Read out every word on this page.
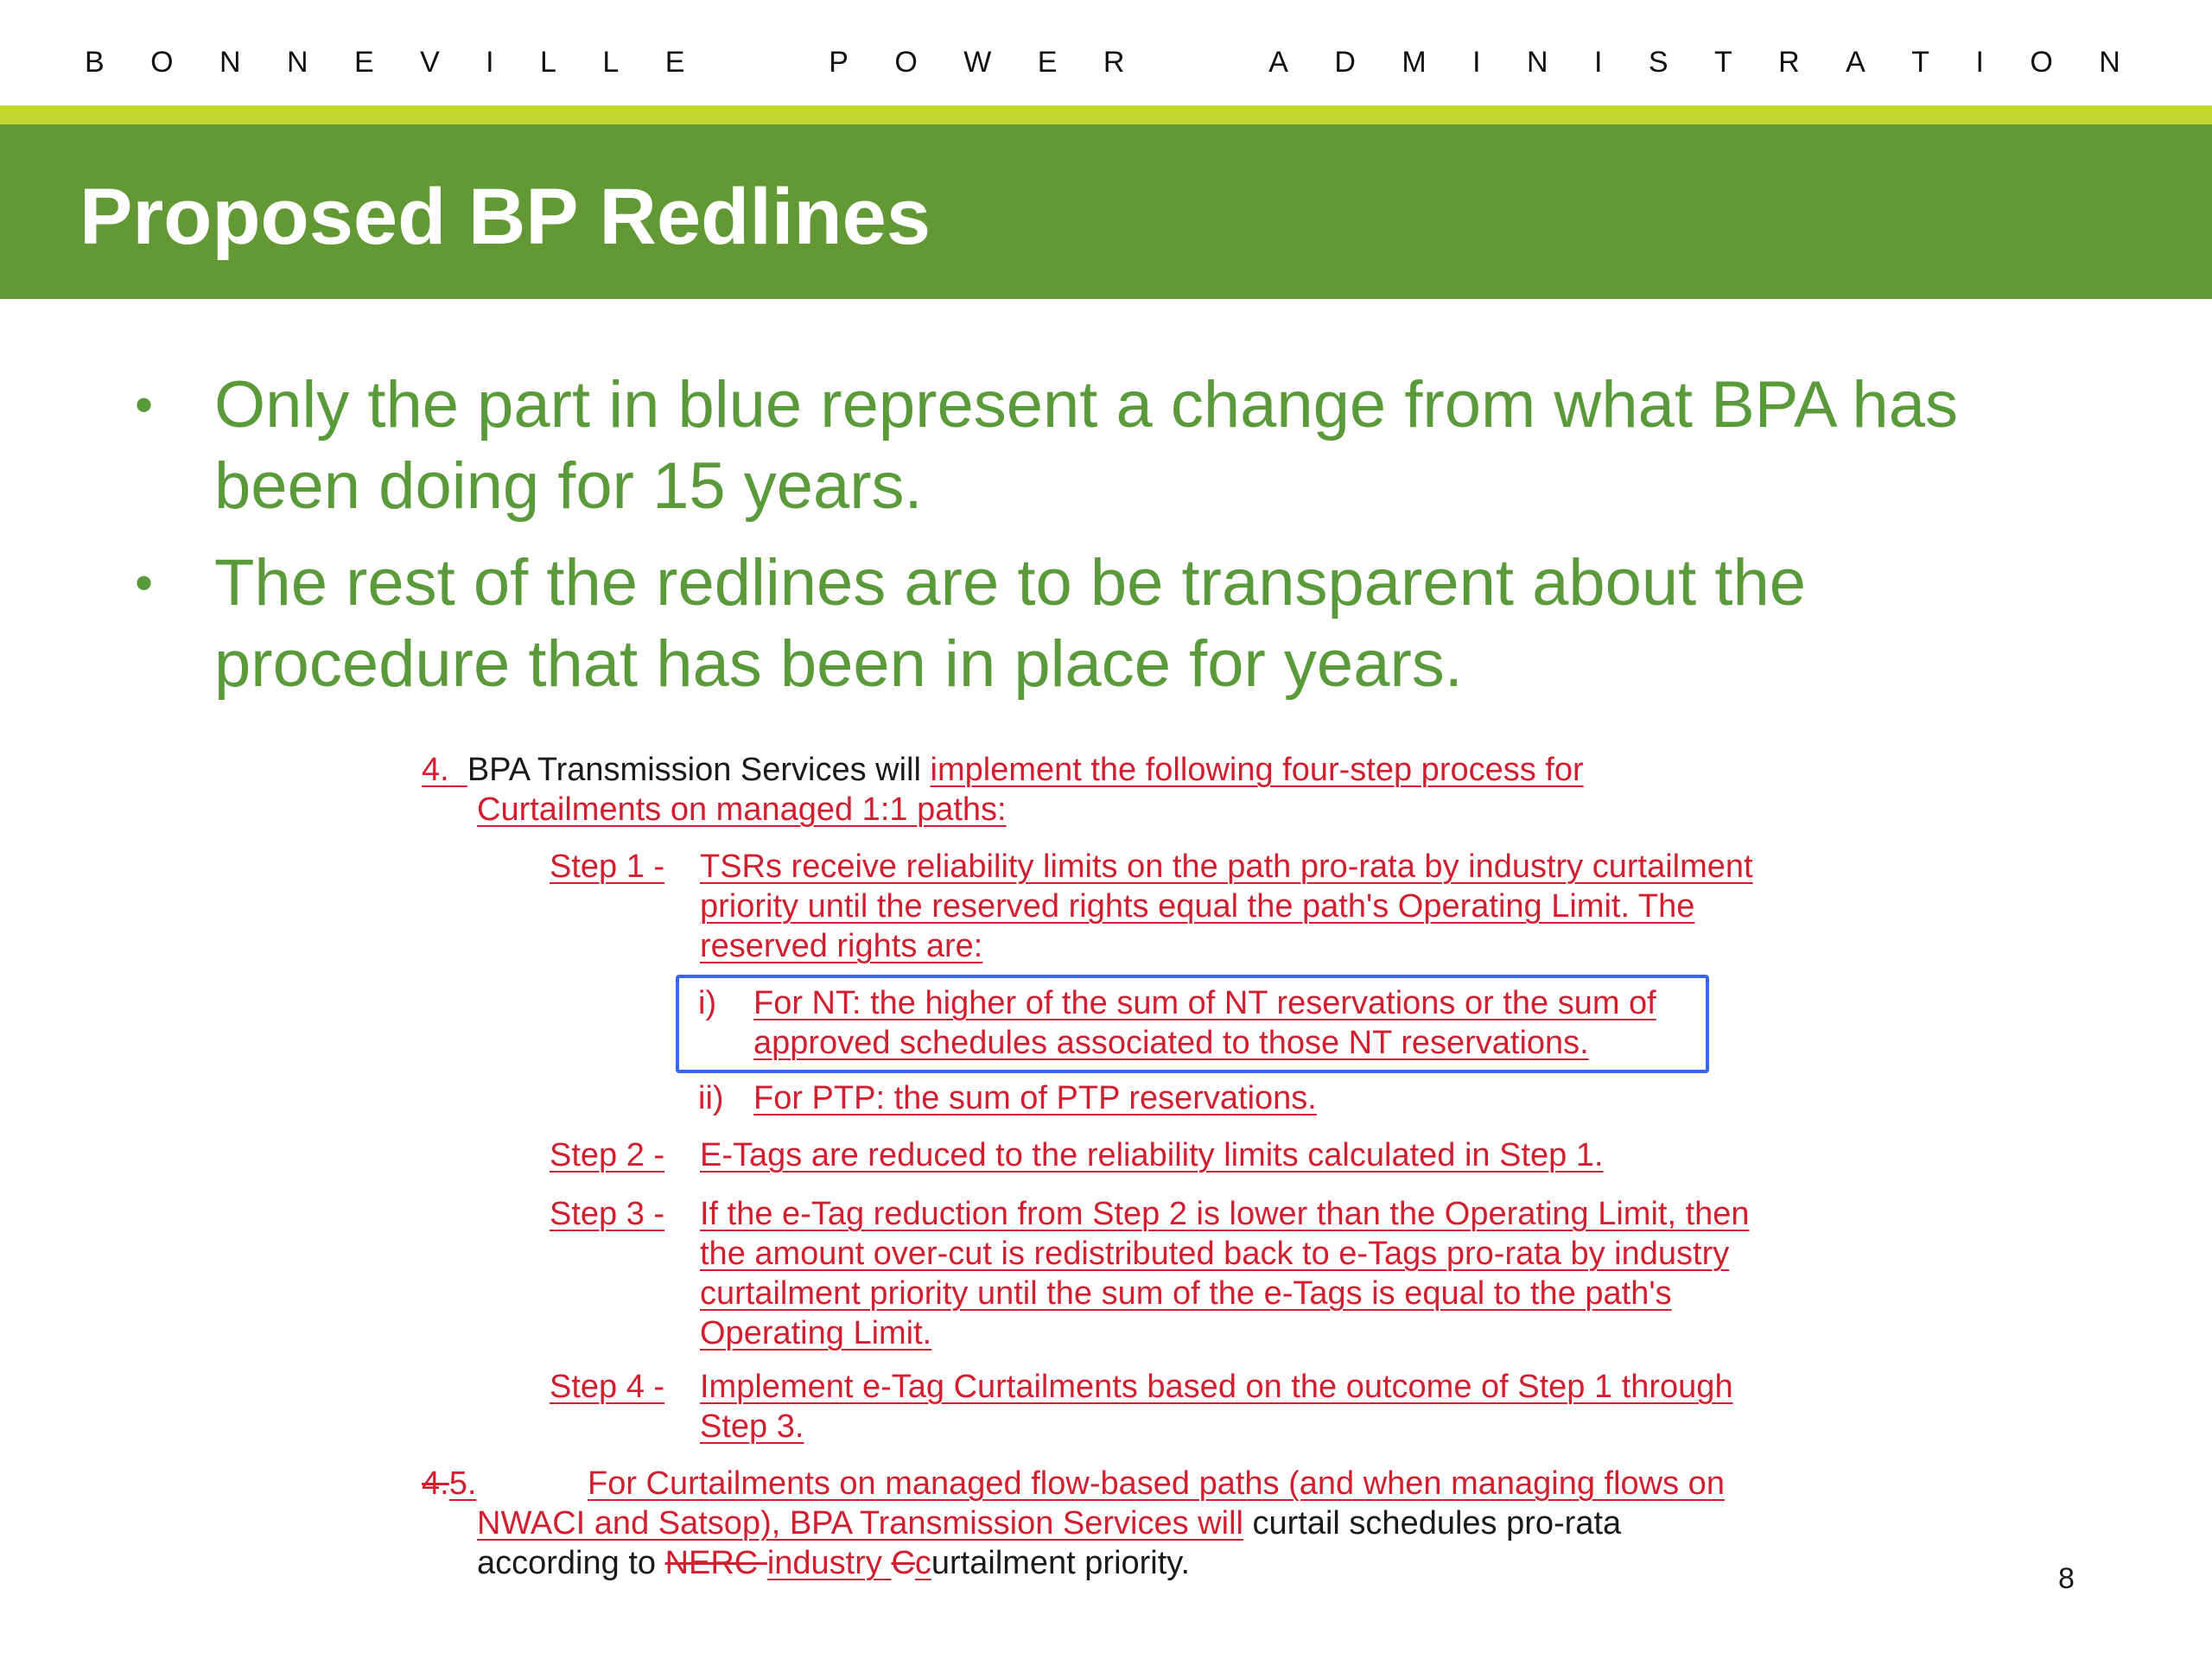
B O N N E V I L L E	P O W E R	A D M I N I S T R A T I O N
Proposed BP Redlines
• Only the part in blue represent a change from what BPA has been doing for 15 years.
• The rest of the redlines are to be transparent about the procedure that has been in place for years.
4. BPA Transmission Services will implement the following four-step process for
Curtailments on managed 1:1 paths:
Step 1 - TSRs receive reliability limits on the path pro-rata by industry curtailment
priority until the reserved rights equal the path's Operating Limit. The
reserved rights are:
i) For NT: the higher of the sum of NT reservations or the sum of
approved schedules associated to those NT reservations.
ii) For PTP: the sum of PTP reservations.
Step 2 - E-Tags are reduced to the reliability limits calculated in Step 1.
Step 3 - If the e-Tag reduction from Step 2 is lower than the Operating Limit, then
the amount over-cut is redistributed back to e-Tags pro-rata by industry
curtailment priority until the sum of the e-Tags is equal to the path's
Operating Limit.
Step 4 - Implement e-Tag Curtailments based on the outcome of Step 1 through
Step 3.
4.5.	For Curtailments on managed flow-based paths (and when managing flows on
NWACI and Satsop), BPA Transmission Services will curtail schedules pro-rata
according to NERC industry Ccurtailment priority.	8
